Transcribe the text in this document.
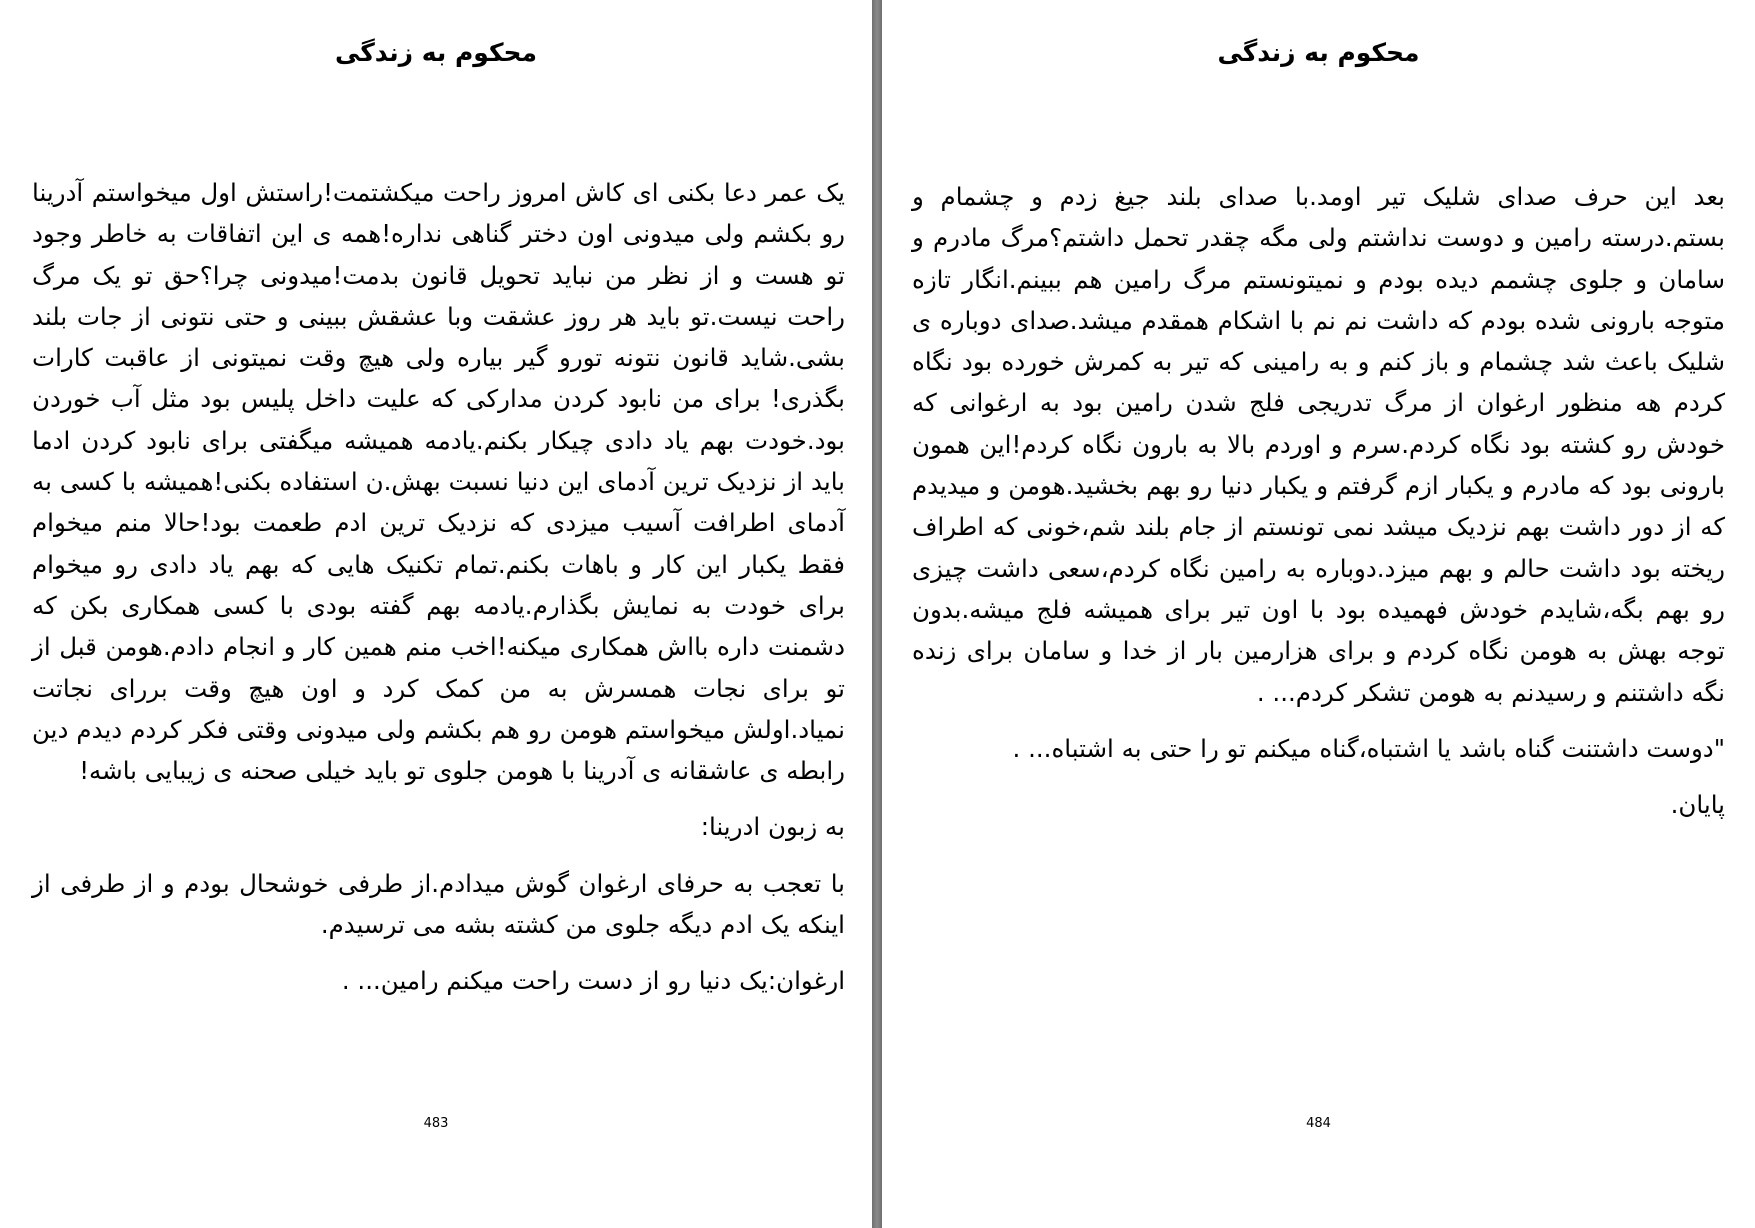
محکوم به زندگی

یک عمر دعا بکنی ای کاش امروز راحت میکشتمت!راستش اول میخواستم آدرینا رو بکشم ولی میدونی اون دختر گناهی نداره!همه ی این اتفاقات به خاطر وجود تو هست و از نظر من نباید تحویل قانون بدمت!میدونی چرا؟حق تو یک مرگ راحت نیست.تو باید هر روز عشقت وبا عشقش ببینی و حتی نتونی از جات بلند بشی.شاید قانون نتونه تورو گیر بیاره ولی هیچ وقت نمیتونی از عاقبت کارات بگذری! برای من نابود کردن مدارکی که علیت داخل پلیس بود مثل آب خوردن بود.خودت بهم یاد دادی چیکار بکنم.یادمه همیشه میگفتی برای نابود کردن ادما باید از نزدیک ترین آدمای این دنیا نسبت بهش.ن استفاده بکنی!همیشه با کسی به آدمای اطرافت آسیب میزدی که نزدیک ترین ادم طعمت بود!حالا منم میخوام فقط یکبار این کار و باهات بکنم.تمام تکنیک هایی که بهم یاد دادی رو میخوام برای خودت به نمایش بگذارم.یادمه بهم گفته بودی با کسی همکاری بکن که دشمنت داره بااش همکاری میکنه!اخب منم همین کار و انجام دادم.هومن قبل از تو برای نجات همسرش به من کمک کرد و اون هیچ وقت بررای نجاتت نمیاد.اولش میخواستم هومن رو هم بکشم ولی میدونی وقتی فکر کردم دیدم دین رابطه ی عاشقانه ی آدرینا با هومن جلوی تو باید خیلی صحنه ی زیبایی باشه!

به زبون ادرینا:

با تعجب به حرفای ارغوان گوش میدادم.از طرفی خوشحال بودم و از طرفی از اینکه یک ادم دیگه جلوی من کشته بشه می ترسیدم.

ارغوان:یک دنیا رو از دست راحت میکنم رامین... .

483
محکوم به زندگی

بعد این حرف صدای شلیک تیر اومد.با صدای بلند جیغ زدم و چشمام و بستم.درسته رامین و دوست نداشتم ولی مگه چقدر تحمل داشتم؟مرگ مادرم و سامان و جلوی چشمم دیده بودم و نمیتونستم مرگ رامین هم ببینم.انگار تازه متوجه بارونی شده بودم که داشت نم نم با اشکام همقدم میشد.صدای دوباره ی شلیک باعث شد چشمام و باز کنم و به رامینی که تیر به کمرش خورده بود نگاه کردم هه منظور ارغوان از مرگ تدریجی فلج شدن رامین بود به ارغوانی که خودش رو کشته بود نگاه کردم.سرم و اوردم بالا به بارون نگاه کردم!این همون بارونی بود که مادرم و یکبار ازم گرفتم و یکبار دنیا رو بهم بخشید.هومن و میدیدم که از دور داشت بهم نزدیک میشد نمی تونستم از جام بلند شم،خونی که اطراف ریخته بود داشت حالم و بهم میزد.دوباره به رامین نگاه کردم،سعی داشت چیزی رو بهم بگه،شایدم خودش فهمیده بود با اون تیر برای همیشه فلج میشه.بدون توجه بهش به هومن نگاه کردم و برای هزارمین بار از خدا و سامان برای زنده نگه داشتنم و رسیدنم به هومن تشکر کردم... .

"دوست داشتنت گناه باشد یا اشتباه،گناه میکنم تو را حتی به اشتباه... .

پایان.

484
